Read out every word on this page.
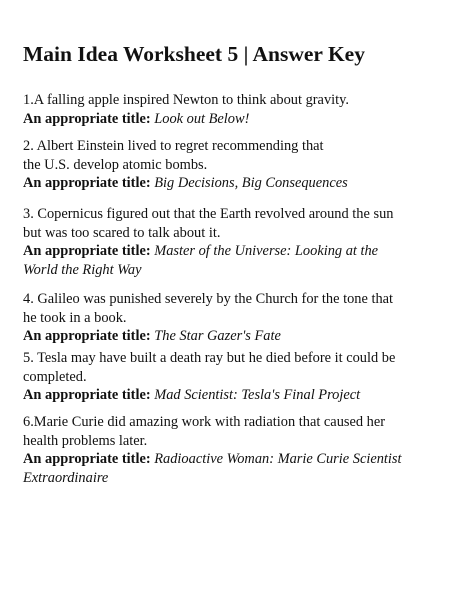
Main Idea Worksheet 5 | Answer Key
1.A falling apple inspired Newton to think about gravity.
An appropriate title: Look out Below!
2. Albert Einstein lived to regret recommending that
the U.S. develop atomic bombs.
An appropriate title: Big Decisions, Big Consequences
3. Copernicus figured out that the Earth revolved around the sun
but was too scared to talk about it.
An appropriate title: Master of the Universe: Looking at the
World the Right Way
4. Galileo was punished severely by the Church for the tone that
he took in a book.
An appropriate title: The Star Gazer's Fate
5. Tesla may have built a death ray but he died before it could be
completed.
An appropriate title: Mad Scientist: Tesla's Final Project
6.Marie Curie did amazing work with radiation that caused her
health problems later.
An appropriate title: Radioactive Woman: Marie Curie Scientist
Extraordinaire
